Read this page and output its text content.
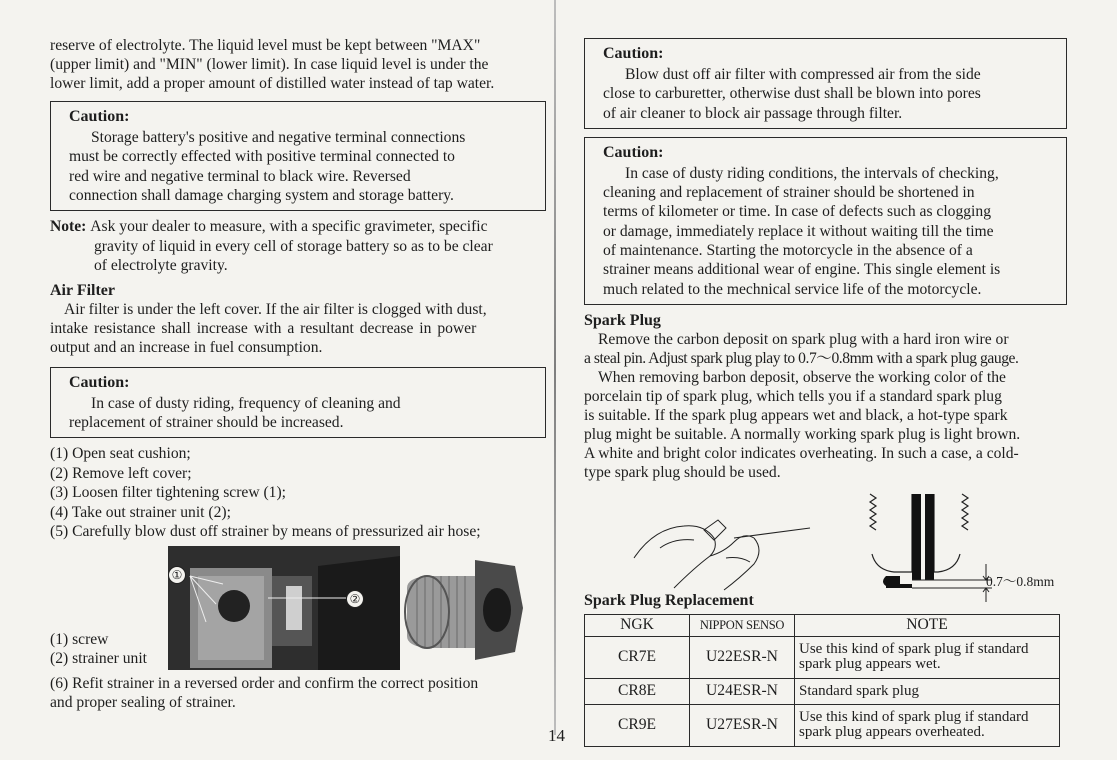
reserve of electrolyte. The liquid level must be kept between "MAX"

(upper limit) and "MIN" (lower limit). In case liquid level is under the

lower limit, add a proper amount of distilled water instead of tap water.

Caution:

Storage battery's positive and negative terminal connections

must be correctly effected with positive terminal connected to

red wire and negative terminal to black wire. Reversed

connection shall damage charging system and storage battery.

Note: Ask your dealer to measure, with a specific gravimeter, specific

gravity of liquid in every cell of storage battery so as to be clear

of electrolyte gravity.

Air Filter

Air filter is under the left cover. If the air filter is clogged with dust,

intake resistance shall increase with a resultant decrease in power

output and an increase in fuel consumption.

Caution:

In case of dusty riding, frequency of cleaning and

replacement of strainer should be increased.

(1) Open seat cushion;

(2) Remove left cover;

(3) Loosen filter tightening screw (1);

(4) Take out strainer unit (2);

(5) Carefully blow dust off strainer by means of pressurized air hose;

(1) screw

(2) strainer unit

①
②

(6) Refit strainer in a reversed order and confirm the correct position

and proper sealing of strainer.

Caution:

Blow dust off air filter with compressed air from the side

close to carburetter, otherwise dust shall be blown into pores

of air cleaner to block air passage through filter.

Caution:

In case of dusty riding conditions, the intervals of checking,

cleaning and replacement of strainer should be shortened in

terms of kilometer or time. In case of defects such as clogging

or damage, immediately replace it without waiting till the time

of maintenance. Starting the motorcycle in the absence of a

strainer means additional wear of engine. This single element is

much related to the mechnical service life of the motorcycle.

Spark Plug

Remove the carbon deposit on spark plug with a hard iron wire or

a steal pin. Adjust spark plug play to 0.7～0.8mm with a spark plug gauge.

When removing barbon deposit, observe the working color of the

porcelain tip of spark plug, which tells you if a standard spark plug

is suitable. If the spark plug appears wet and black, a hot-type spark

plug might be suitable. A normally working spark plug is light brown.

A white and bright color indicates overheating. In such a case, a cold-

type spark plug should be used.

0.7～0.8mm
Spark Plug Replacement
NGK	NIPPON SENSO	NOTE
CR7E	U22ESR-N	Use this kind of spark plug if standard spark plug appears wet.
CR8E	U24ESR-N	Standard spark plug
CR9E	U27ESR-N	Use this kind of spark plug if standard spark plug appears overheated.
14
